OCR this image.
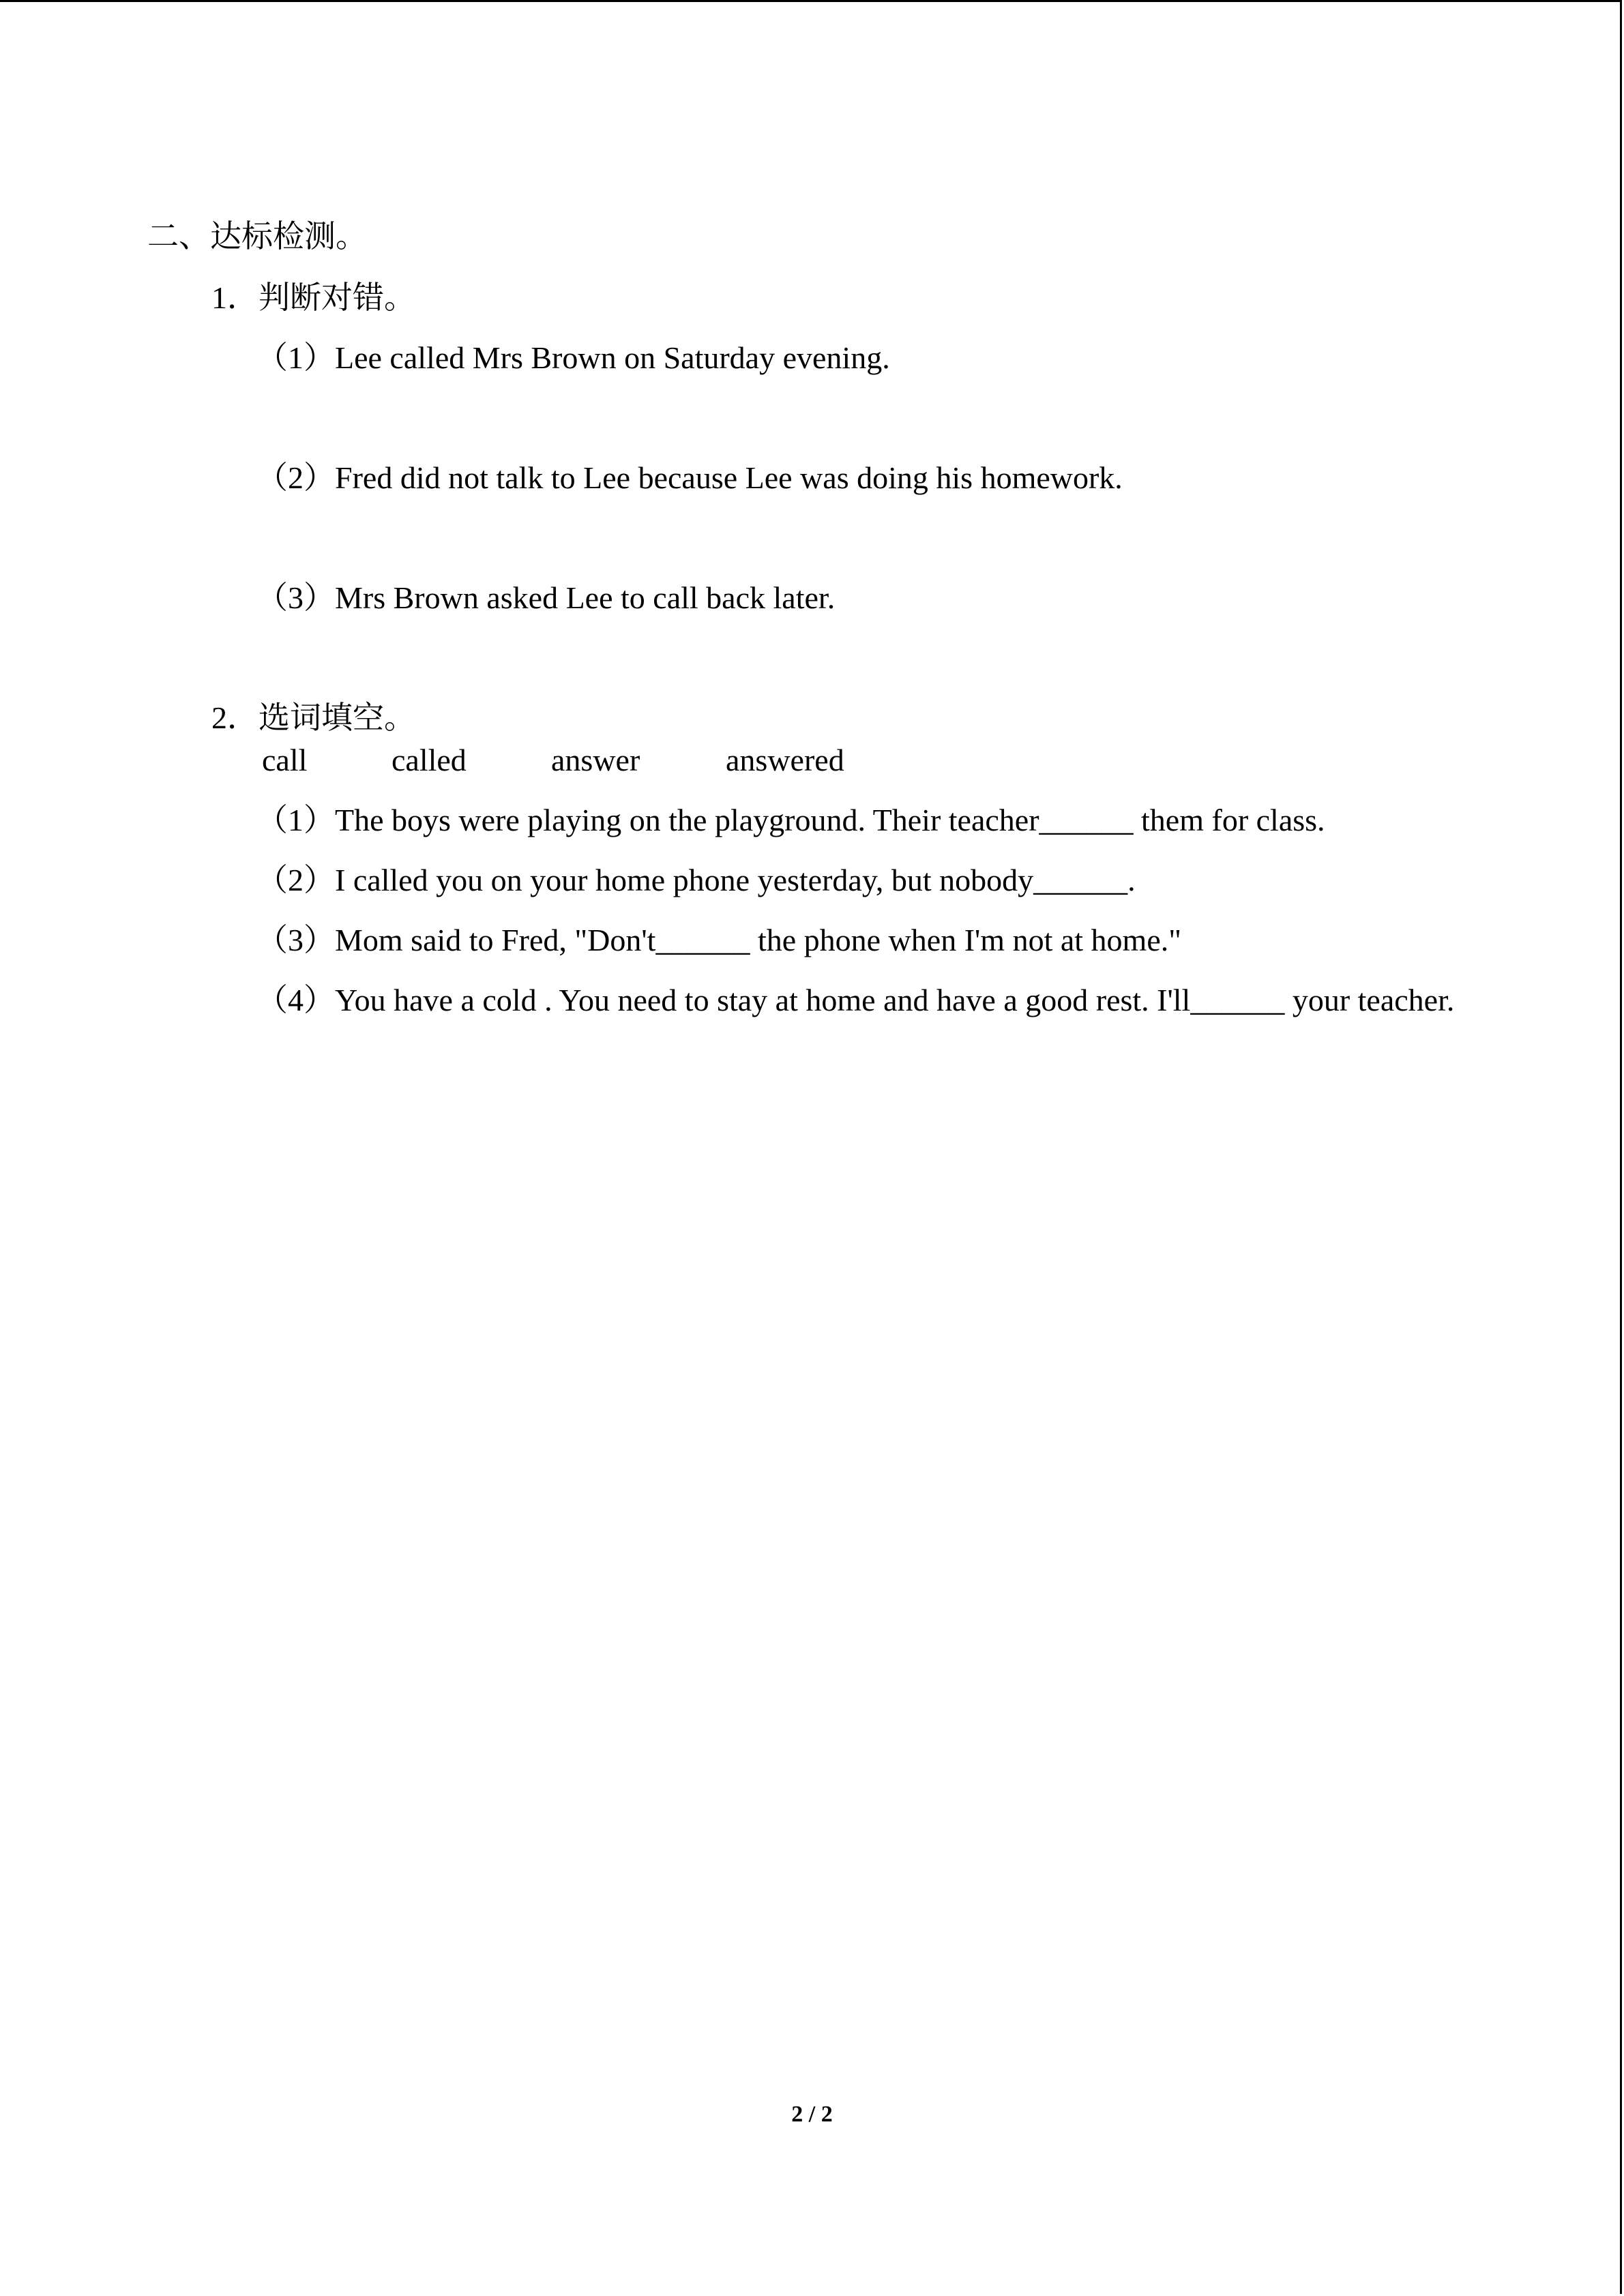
二、达标检测。
1．判断对错。
（1）Lee called Mrs Brown on Saturday evening.
（2）Fred did not talk to Lee because Lee was doing his homework.
（3）Mrs Brown asked Lee to call back later.
2．选词填空。
call	called	answer	answered
（1）The boys were playing on the playground. Their teacher______ them for class.
（2）I called you on your home phone yesterday, but nobody______.
（3）Mom said to Fred, "Don't______ the phone when I'm not at home."
（4）You have a cold . You need to stay at home and have a good rest. I'll______ your teacher.
2 / 2
